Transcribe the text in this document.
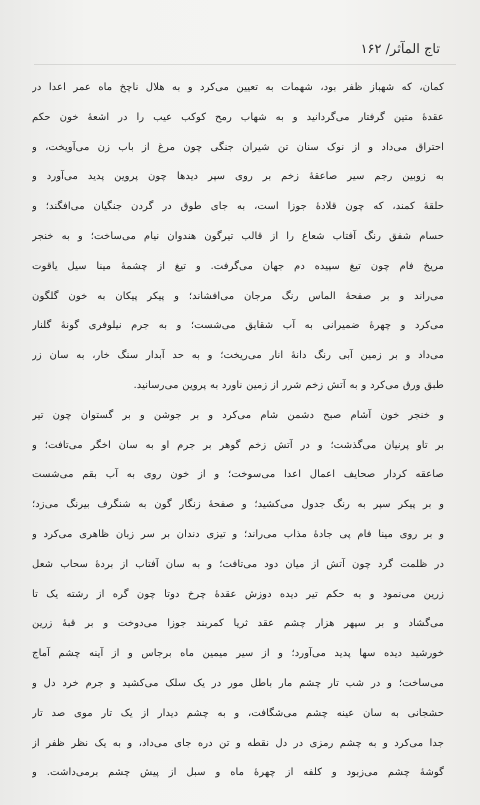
تاج المآثر/ ۱۶۲
کمان، که شهباز ظفر بود، شهمات به تعیین می‌کرد و به هلال ناچخ ماه عمر اعدا در
عقدهٔ متین گرفتار می‌گردانید و به شهاب رمح کوکب عیب را در اشعهٔ خون حکم
احتراق می‌داد و از نوک سنان تن شیران جنگی چون مرغ از باب زن می‌آویخت، و
به زوبین رجم سیر صاعقهٔ زخم بر روی سپر دیدها چون پروین پدید می‌آورد و
حلقهٔ کمند، که چون قلادهٔ جوزا است، به جای طوق در گردن جنگیان می‌افگند؛ و
حسام شفق رنگ آفتاب شعاع را از قالب تیرگون هندوان نیام می‌ساخت؛ و به خنجر
مریخ فام چون تیغ سپیده دم جهان می‌گرفت. و تیغ از چشمهٔ مینا سیل یاقوت
می‌راند و بر صفحهٔ الماس رنگ مرجان می‌افشاند؛ و پیکر پیکان به خون گلگون
می‌کرد و چهرهٔ ضمیرانی به آب شقایق می‌شست؛ و به جرم نیلوفری گونهٔ گلنار
می‌داد و بر زمین آبی رنگ دانهٔ انار می‌ریخت؛ و به حد آبدار سنگ خار، به سان زر
طبق ورق می‌کرد و به آتش زخم شرر از زمین ناورد به پروین می‌رسانید.
و خنجر خون آشام صبح دشمن شام می‌کرد و بر جوشن و بر گستوان چون تیر
بر تاو پرنیان می‌گذشت؛ و در آتش زخم گوهر بر جرم او به سان اخگر می‌تافت؛ و
صاعقه کردار صحایف اعمال اعدا می‌سوخت؛ و از خون روی به آب بقم می‌شست
و بر پیکر سپر به رنگ جدول می‌کشید؛ و صفحهٔ زنگار گون به شنگرف بیرنگ می‌زد؛
و بر روی مینا فام پی جادهٔ مذاب می‌راند؛ و تیزی دندان بر سر زبان ظاهری می‌کرد و
در ظلمت گرد چون آتش از میان دود می‌تافت؛ و به سان آفتاب از بردهٔ سحاب شعل
زرین می‌نمود و به حکم تیر دیده دوزش عقدهٔ چرخ دوتا چون گره از رشته یک تا
می‌گشاد و بر سپهر هزار چشم عقد ثریا کمربند جوزا می‌دوخت و بر قبهٔ زرین
خورشید دیده سها پدید می‌آورد؛ و از سیر میمین ماه برجاس و از آینه چشم آماج
می‌ساخت؛ و در شب تار چشم مار باطل مور در یک سلک می‌کشید و جرم خرد دل و
حشجانی به سان عینه چشم می‌شگافت، و به چشم دیدار از یک تار موی صد تار
جدا می‌کرد و به چشم رمزی در دل نقطه و تن دره جای می‌داد، و به یک نظر ظفر از
گوشهٔ چشم می‌زبود و کلفه از چهرهٔ ماه و سبل از پیش چشم برمی‌داشت. و
